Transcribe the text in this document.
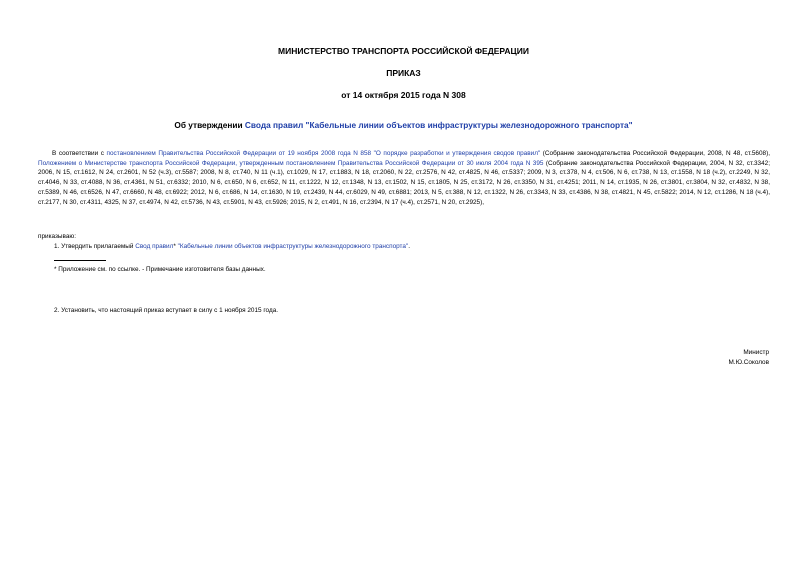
МИНИСТЕРСТВО ТРАНСПОРТА РОССИЙСКОЙ ФЕДЕРАЦИИ
ПРИКАЗ
от 14 октября 2015 года N 308
Об утверждении Свода правил "Кабельные линии объектов инфраструктуры железнодорожного транспорта"
В соответствии с постановлением Правительства Российской Федерации от 19 ноября 2008 года N 858 "О порядке разработки и утверждения сводов правил" (Собрание законодательства Российской Федерации, 2008, N 48, ст.5608), Положением о Министерстве транспорта Российской Федерации, утвержденным постановлением Правительства Российской Федерации от 30 июля 2004 года N 395 (Собрание законодательства Российской Федерации, 2004, N 32, ст.3342; 2006, N 15, ст.1612, N 24, ст.2601, N 52 (ч.3), ст.5587; 2008, N 8, ст.740, N 11 (ч.1), ст.1029, N 17, ст.1883, N 18, ст.2060, N 22, ст.2576, N 42, ст.4825, N 46, ст.5337; 2009, N 3, ст.378, N 4, ст.506, N 6, ст.738, N 13, ст.1558, N 18 (ч.2), ст.2249, N 32, ст.4046, N 33, ст.4088, N 36, ст.4361, N 51, ст.6332; 2010, N 6, ст.650, N 6, ст.652, N 11, ст.1222, N 12, ст.1348, N 13, ст.1502, N 15, ст.1805, N 25, ст.3172, N 26, ст.3350, N 31, ст.4251; 2011, N 14, ст.1935, N 26, ст.3801, ст.3804, N 32, ст.4832, N 38, ст.5389, N 46, ст.6526, N 47, ст.6660, N 48, ст.6922; 2012, N 6, ст.686, N 14, ст.1630, N 19, ст.2439, N 44, ст.6029, N 49, ст.6881; 2013, N 5, ст.388, N 12, ст.1322, N 26, ст.3343, N 33, ст.4386, N 38, ст.4821, N 45, ст.5822; 2014, N 12, ст.1286, N 18 (ч.4), ст.2177, N 30, ст.4311, 4325, N 37, ст.4974, N 42, ст.5736, N 43, ст.5901, N 43, ст.5926; 2015, N 2, ст.491, N 16, ст.2394, N 17 (ч.4), ст.2571, N 20, ст.2925),
приказываю:
1. Утвердить прилагаемый Свод правил* "Кабельные линии объектов инфраструктуры железнодорожного транспорта".
* Приложение см. по ссылке. - Примечание изготовителя базы данных.
2. Установить, что настоящий приказ вступает в силу с 1 ноября 2015 года.
Министр
М.Ю.Соколов
